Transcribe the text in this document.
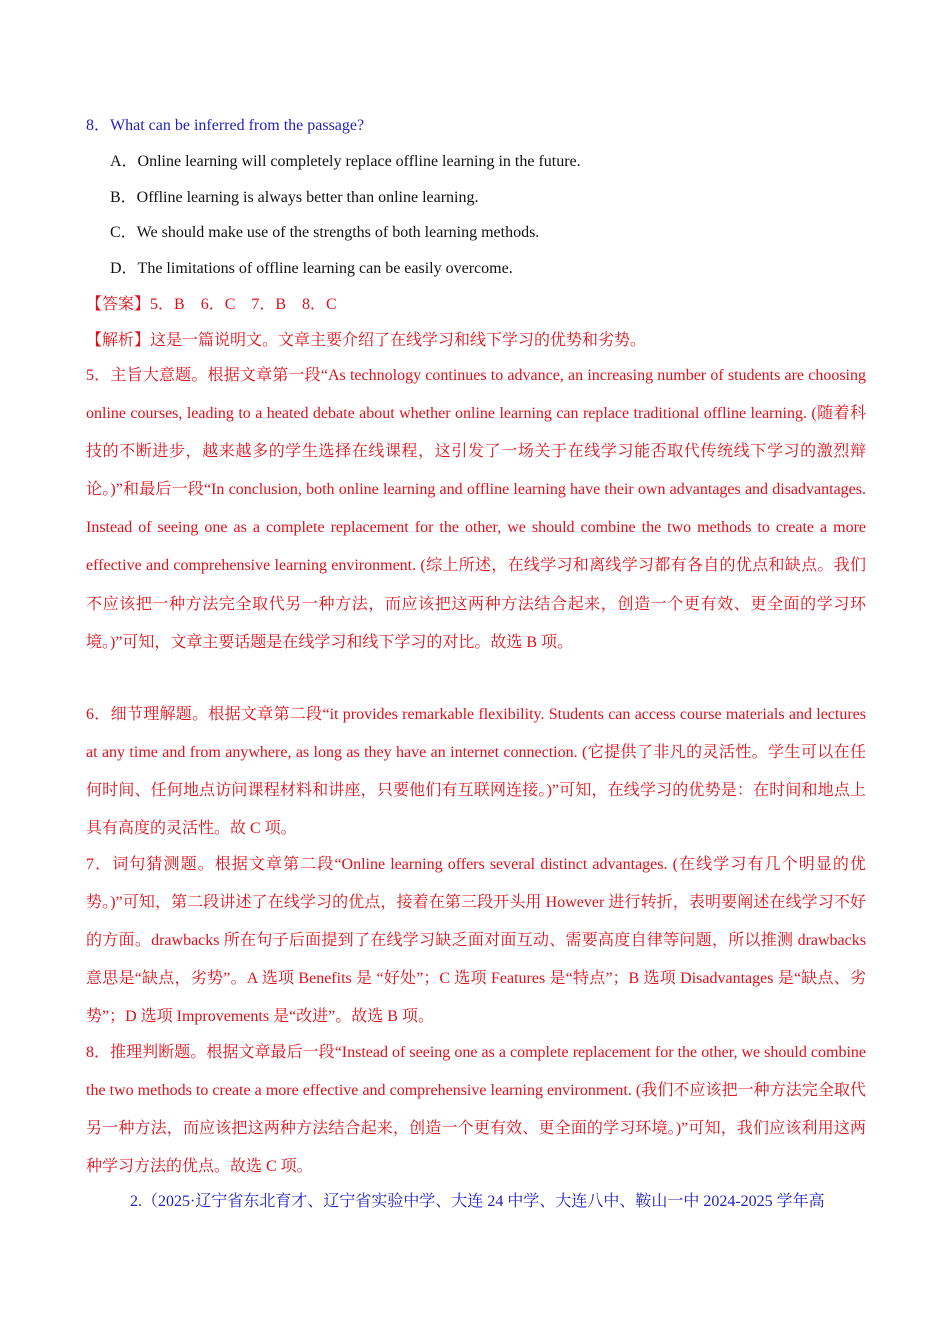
8．What can be inferred from the passage?
A．Online learning will completely replace offline learning in the future.
B．Offline learning is always better than online learning.
C．We should make use of the strengths of both learning methods.
D．The limitations of offline learning can be easily overcome.
【答案】5．B　6．C　7．B　8．C
【解析】这是一篇说明文。文章主要介绍了在线学习和线下学习的优势和劣势。
5．主旨大意题。根据文章第一段“As technology continues to advance, an increasing number of students are choosing online courses, leading to a heated debate about whether online learning can replace traditional offline learning. (随着科技的不断进步，越来越多的学生选择在线课程，这引发了一场关于在线学习能否取代传统线下学习的激烈辩论。)”和最后一段“In conclusion, both online learning and offline learning have their own advantages and disadvantages. Instead of seeing one as a complete replacement for the other, we should combine the two methods to create a more effective and comprehensive learning environment. (综上所述，在线学习和离线学习都有各自的优点和缺点。我们不应该把一种方法完全取代另一种方法，而应该把这两种方法结合起来，创造一个更有效、更全面的学习环境。)”可知，文章主要话题是在线学习和线下学习的对比。故选 B 项。
6．细节理解题。根据文章第二段“it provides remarkable flexibility. Students can access course materials and lectures at any time and from anywhere, as long as they have an internet connection. (它提供了非凡的灵活性。学生可以在任何时间、任何地点访问课程材料和讲座，只要他们有互联网连接。)”可知，在线学习的优势是：在时间和地点上具有高度的灵活性。故 C 项。
7．词句猜测题。根据文章第二段“Online learning offers several distinct advantages. (在线学习有几个明显的优势。)”可知，第二段讲述了在线学习的优点，接着在第三段开头用 However 进行转折，表明要阐述在线学习不好的方面。drawbacks 所在句子后面提到了在线学习缺乏面对面互动、需要高度自律等问题，所以推测 drawbacks 意思是“缺点，劣势”。A 选项 Benefits 是 “好处”；C 选项 Features 是“特点”；B 选项 Disadvantages 是“缺点、劣势”；D 选项 Improvements 是“改进”。故选 B 项。
8．推理判断题。根据文章最后一段“Instead of seeing one as a complete replacement for the other, we should combine the two methods to create a more effective and comprehensive learning environment. (我们不应该把一种方法完全取代另一种方法，而应该把这两种方法结合起来，创造一个更有效、更全面的学习环境。)”可知，我们应该利用这两种学习方法的优点。故选 C 项。
2.（2025·辽宁省东北育才、辽宁省实验中学、大连 24 中学、大连八中、鞍山一中 2024-2025 学年高
